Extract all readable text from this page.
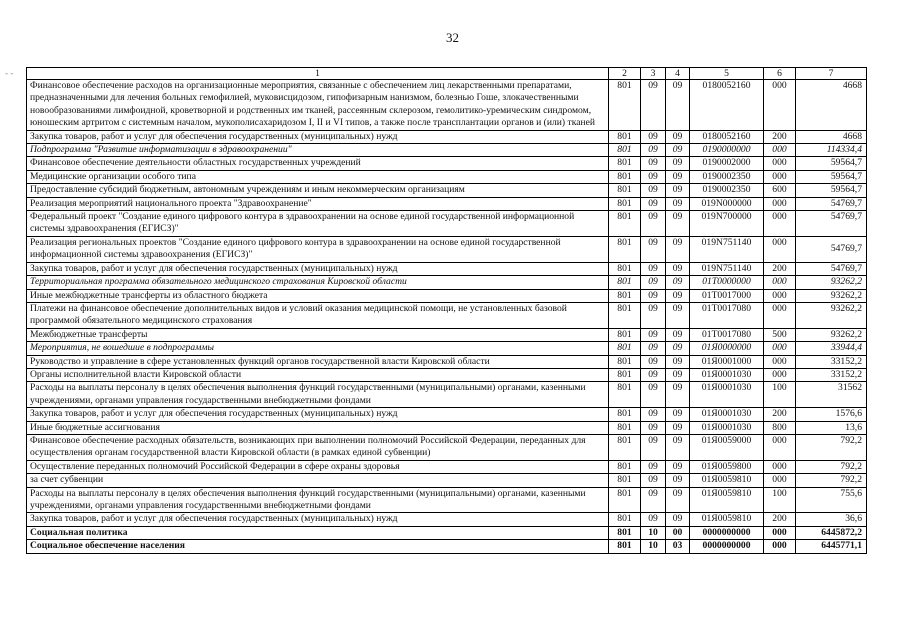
32
- -	1	2	3	4	5	6	7
Финансовое обеспечение расходов на организационные мероприятия, связанные с обеспечением лиц лекарственными препаратами, предназначенными для лечения больных гемофилией, муковисцидозом, гипофизарным нанизмом, болезнью Гоше, злокачественными новообразованиями лимфоидной, кроветворной и родственных им тканей, рассеянным склерозом, гемолитико-уремическим синдромом, юношеским артритом с системным началом, мукополисахаридозом I, II и VI типов, а также после трансплантации органов и (или) тканей	801	09	09	0180052160	000	4668
Закупка товаров, работ и услуг для обеспечения государственных (муниципальных) нужд	801	09	09	0180052160	200	4668
Подпрограмма "Развитие информатизации в здравоохранении"	801	09	09	0190000000	000	114334,4
Финансовое обеспечение деятельности областных государственных учреждений	801	09	09	0190002000	000	59564,7
Медицинские организации особого типа	801	09	09	0190002350	000	59564,7
Предоставление субсидий бюджетным, автономным учреждениям и иным некоммерческим организациям	801	09	09	0190002350	600	59564,7
Реализация мероприятий национального проекта "Здравоохранение"	801	09	09	019N000000	000	54769,7
Федеральный проект "Создание единого цифрового контура в здравоохранении на основе единой государственной информационной системы здравоохранения (ЕГИСЗ)"	801	09	09	019N700000	000	54769,7
Реализация региональных проектов "Создание единого цифрового контура в здравоохранении на основе единой государственной информационной системы здравоохранения (ЕГИСЗ)"	801	09	09	019N751140	000	54769,7
Закупка товаров, работ и услуг для обеспечения государственных (муниципальных) нужд	801	09	09	019N751140	200	54769,7
Территориальная программа обязательного медицинского страхования Кировской области	801	09	09	01Т0000000	000	93262,2
Иные межбюджетные трансферты из областного бюджета	801	09	09	01Т0017000	000	93262,2
Платежи на финансовое обеспечение дополнительных видов и условий оказания медицинской помощи, не установленных базовой программой обязательного медицинского страхования	801	09	09	01Т0017080	000	93262,2
Межбюджетные трансферты	801	09	09	01Т0017080	500	93262,2
Мероприятия, не вошедшие в подпрограммы	801	09	09	01Я0000000	000	33944,4
Руководство и управление в сфере установленных функций органов государственной власти Кировской области	801	09	09	01Я0001000	000	33152,2
Органы исполнительной власти Кировской области	801	09	09	01Я0001030	000	33152,2
Расходы на выплаты персоналу в целях обеспечения выполнения функций государственными (муниципальными) органами, казенными учреждениями, органами управления государственными внебюджетными фондами	801	09	09	01Я0001030	100	31562
Закупка товаров, работ и услуг для обеспечения государственных (муниципальных) нужд	801	09	09	01Я0001030	200	1576,6
Иные бюджетные ассигнования	801	09	09	01Я0001030	800	13,6
Финансовое обеспечение расходных обязательств, возникающих при выполнении полномочий Российской Федерации, переданных для осуществления органам государственной власти Кировской области (в рамках единой субвенции)	801	09	09	01Я0059000	000	792,2
Осуществление переданных полномочий Российской Федерации в сфере охраны здоровья	801	09	09	01Я0059800	000	792,2
за счет субвенции	801	09	09	01Я0059810	000	792,2
Расходы на выплаты персоналу в целях обеспечения выполнения функций государственными (муниципальными) органами, казенными учреждениями, органами управления государственными внебюджетными фондами	801	09	09	01Я0059810	100	755,6
Закупка товаров, работ и услуг для обеспечения государственных (муниципальных) нужд	801	09	09	01Я0059810	200	36,6
Социальная политика	801	10	00	0000000000	000	6445872,2
Социальное обеспечение населения	801	10	03	0000000000	000	6445771,1
